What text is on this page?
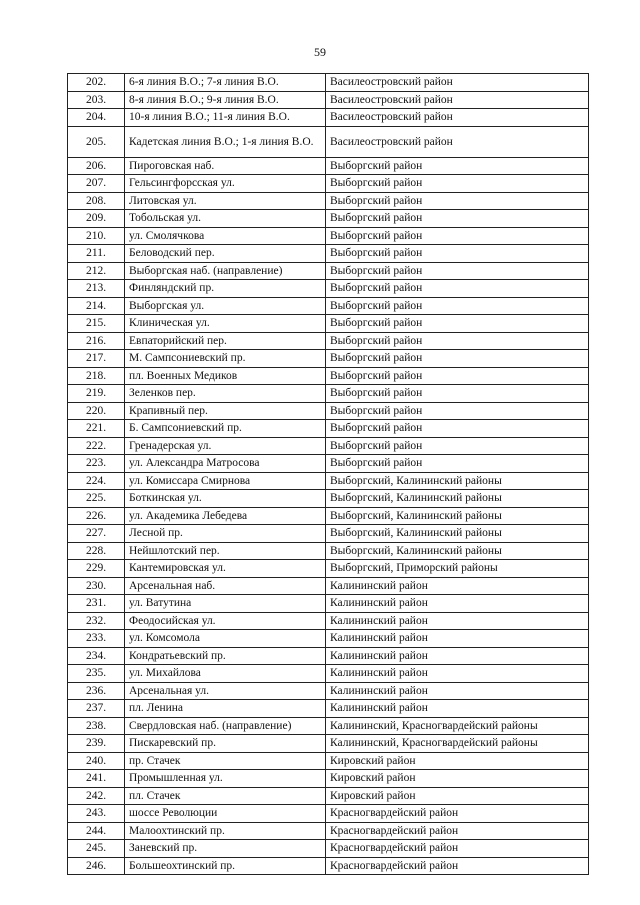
59
202.	6-я линия В.О.; 7-я линия В.О.	Василеостровский район
203.	8-я линия В.О.; 9-я линия В.О.	Василеостровский район
204.	10-я линия В.О.; 11-я линия В.О.	Василеостровский район
205.	Кадетская линия В.О.; 1-я линия В.О.	Василеостровский район
206.	Пироговская наб.	Выборгский район
207.	Гельсингфорсская ул.	Выборгский район
208.	Литовская ул.	Выборгский район
209.	Тобольская ул.	Выборгский район
210.	ул. Смолячкова	Выборгский район
211.	Беловодский пер.	Выборгский район
212.	Выборгская наб. (направление)	Выборгский район
213.	Финляндский пр.	Выборгский район
214.	Выборгская ул.	Выборгский район
215.	Клиническая ул.	Выборгский район
216.	Евпаторийский пер.	Выборгский район
217.	М. Сампсониевский пр.	Выборгский район
218.	пл. Военных Медиков	Выборгский район
219.	Зеленков пер.	Выборгский район
220.	Крапивный пер.	Выборгский район
221.	Б. Сампсониевский пр.	Выборгский район
222.	Гренадерская ул.	Выборгский район
223.	ул. Александра Матросова	Выборгский район
224.	ул. Комиссара Смирнова	Выборгский, Калининский районы
225.	Боткинская ул.	Выборгский, Калининский районы
226.	ул. Академика Лебедева	Выборгский, Калининский районы
227.	Лесной пр.	Выборгский, Калининский районы
228.	Нейшлотский пер.	Выборгский, Калининский районы
229.	Кантемировская ул.	Выборгский, Приморский районы
230.	Арсенальная наб.	Калининский район
231.	ул. Ватутина	Калининский район
232.	Феодосийская ул.	Калининский район
233.	ул. Комсомола	Калининский район
234.	Кондратьевский пр.	Калининский район
235.	ул. Михайлова	Калининский район
236.	Арсенальная ул.	Калининский район
237.	пл. Ленина	Калининский район
238.	Свердловская наб. (направление)	Калининский, Красногвардейский районы
239.	Пискаревский пр.	Калининский, Красногвардейский районы
240.	пр. Стачек	Кировский район
241.	Промышленная ул.	Кировский район
242.	пл. Стачек	Кировский район
243.	шоссе Революции	Красногвардейский район
244.	Малоохтинский пр.	Красногвардейский район
245.	Заневский пр.	Красногвардейский район
246.	Большеохтинский пр.	Красногвардейский район
